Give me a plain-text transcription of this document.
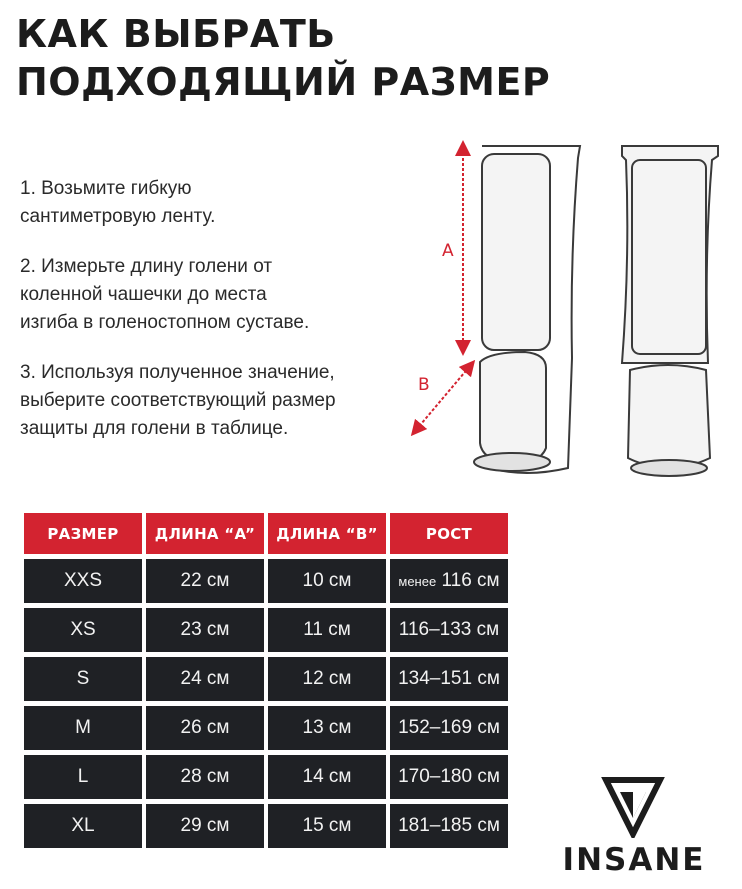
КАК ВЫБРАТЬ
ПОДХОДЯЩИЙ РАЗМЕР

1. Возьмите гибкую
сантиметровую ленту.

2. Измерьте длину голени от
коленной чашечки до места
изгиба в голеностопном суставе.

3. Используя полученное значение,
выберите соответствующий размер
защиты для голени в таблице.

A
B
РАЗМЕР	ДЛИНА “A”	ДЛИНА “B”	РОСТ
XXS	22 см	10 см	менее 116 см
XS	23 см	11 см	116–133 см
S	24 см	12 см	134–151 см
M	26 см	13 см	152–169 см
L	28 см	14 см	170–180 см
XL	29 см	15 см	181–185 см
INSANE
